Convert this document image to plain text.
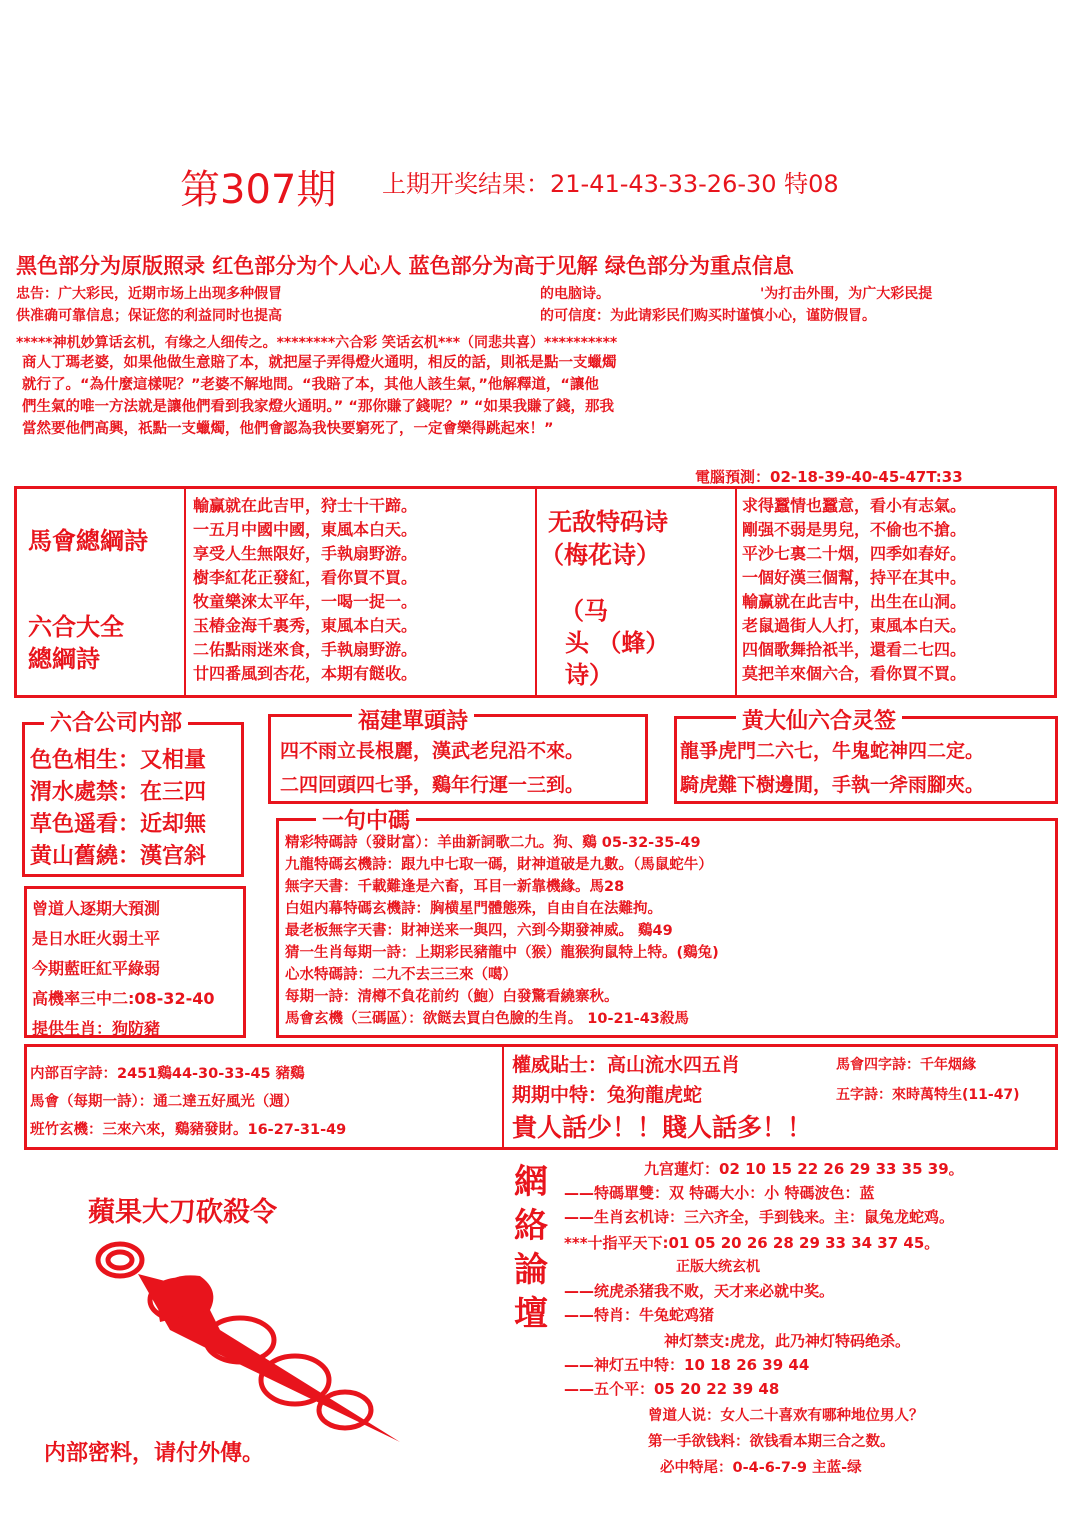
第307期 上期开奖结果：21-41-43-33-26-30 特08
黑色部分为原版照录 红色部分为个人心人 蓝色部分为高于见解 绿色部分为重点信息
忠告：广大彩民，近期市场上出现多种假冒
供准确可靠信息；保证您的利益同时也提高
的电脑诗。	'为打击外围，为广大彩民提
的可信度：为此请彩民们购买时谨慎小心，谨防假冒。
*****神机妙算话玄机，有缘之人细传之。********六合彩 笑话玄机***（同悲共喜）**********

商人丁瑪老婆，如果他做生意賠了本，就把屋子弄得燈火通明，相反的話，則祇是點一支蠟燭

就行了。“為什麼這樣呢？”老婆不解地問。“我賠了本，其他人該生氣，”他解釋道，“讓他

們生氣的唯一方法就是讓他們看到我家燈火通明。” “那你賺了錢呢？” “如果我賺了錢，那我

當然要他們高興，祇點一支蠟燭，他們會認為我快要窮死了，一定會樂得跳起來！”

電腦預測：02-18-39-40-45-47T:33
馬會總綱詩
六合大全
總綱詩
輸赢就在此吉甲，狩士十干蹄。
一五月中國中國，東風本白天。
享受人生無限好，手執扇野游。
樹李紅花正發紅，看你買不買。
牧童樂淶太平年，一喝一捉一。
玉椿金海千裏秀，東風本白天。
二佑點雨迷來食，手執扇野游。
廿四番風到杏花，本期有餸收。
无敌特码诗
（梅花诗）
（马
头 （蜂）
诗）
求得蠶情也蠶意，看小有志氣。
剛强不弱是男兒，不偷也不搶。
平沙七裏二十烟，四季如春好。
一個好漢三個幫，持平在其中。
輸赢就在此吉中，出生在山洞。
老鼠過街人人打，東風本白天。
四個歌舞拾祇半，還看二七四。
莫把羊來個六合，看你買不買。
六合公司内部
色色相生：又相量
渭水處禁：在三四
草色遥看：近却無
黄山舊繞：漢宫斜
福建單頭詩
四不雨立長根麗，漢武老兒沿不來。
二四回頭四七爭，鷄年行運一三到。
黄大仙六合灵签
龍爭虎門二六七，牛鬼蛇神四二定。
騎虎難下樹邊閒，手執一斧雨腳夾。
一句中碼
精彩特碼詩（發財富）：羊曲新詞歌二九。狗、鷄 05-32-35-49
九龍特碼玄機詩：跟九中七取一碼，財神道破是九數。（馬鼠蛇牛）
無字天書：千載難逢是六畜，耳目一新靠機緣。馬28
白姐内幕特碼玄機詩：胸横星門體態殊，自由自在法難拘。
最老板無字天書：財神送来一與四，六到今期發神威。 鷄49
猜一生肖每期一詩：上期彩民豬龍中（猴）龍猴狗鼠特上特。(鷄兔)
心水特碼詩：二九不去三三來（噶）
每期一詩：清樽不負花前约（鮑）白發驚看繞寨秋。
馬會玄機（三碼區）：欲餸去買白色臉的生肖。 10-21-43殺馬
曾道人逐期大預測
是日水旺火弱土平
今期藍旺紅平綠弱
高機率三中二:08-32-40
提供生肖：狗防豬
内部百字詩：2451鷄44-30-33-45 豬鷄
馬會（每期一詩）：通二達五好風光（週）
班竹玄機：三來六來，鷄豬發財。16-27-31-49
權威貼士：高山流水四五肖
期期中特：兔狗龍虎蛇
貴人話少！！賤人話多！！
馬會四字詩：千年烟緣
五字詩：來時萬特生(11-47)
蘋果大刀砍殺令
内部密料，请付外傳。
網
絡
論
壇
九宫蓮灯：02 10 15 22 26 29 33 35 39。
——特碼單雙：双 特碼大小：小 特碼波色：蓝
——生肖玄机诗：三六齐全，手到钱来。主：鼠兔龙蛇鸡。
***十指平天下:01 05 20 26 28 29 33 34 37 45。
正版大统玄机
——统虎杀猪我不败，天才来必就中奖。
——特肖：牛兔蛇鸡猪
神灯禁支:虎龙，此乃神灯特码绝杀。
——神灯五中特：10 18 26 39 44
——五个平：05 20 22 39 48
曾道人说：女人二十喜欢有哪种地位男人？
第一手欲钱料：欲钱看本期三合之数。
必中特尾：0-4-6-7-9 主蓝-绿
